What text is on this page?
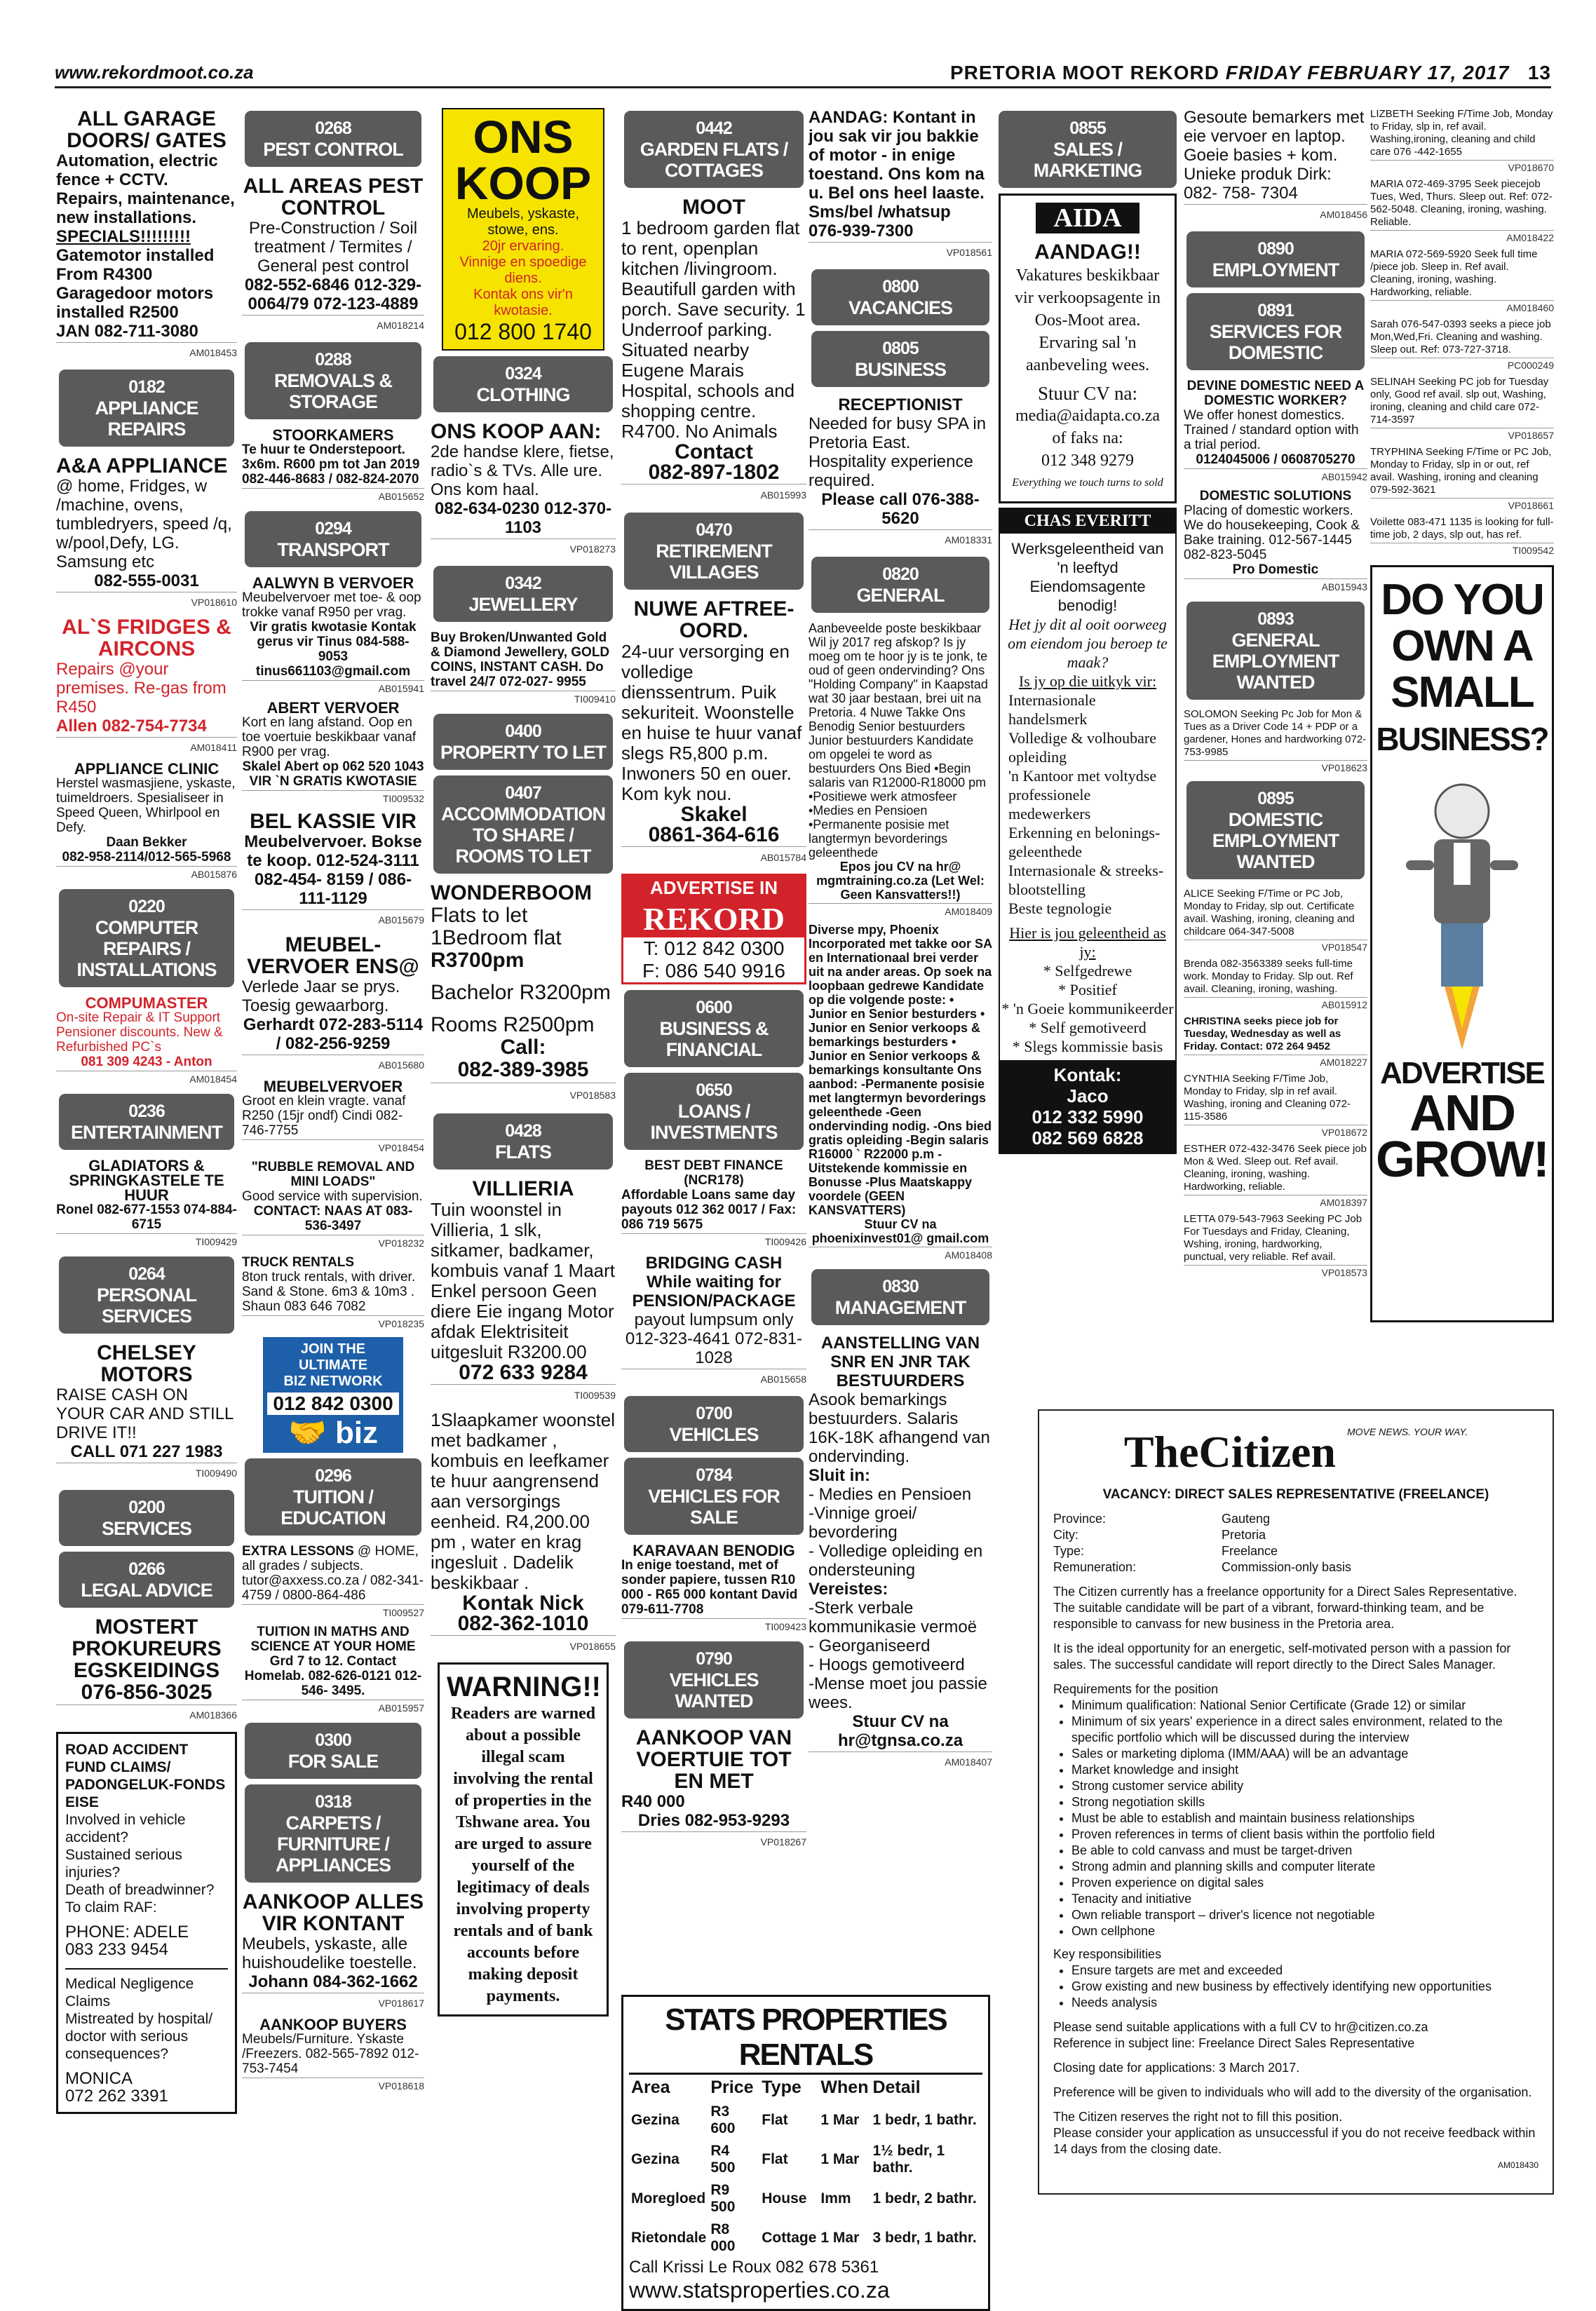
www.rekordmoot.co.za	PRETORIA MOOT REKORD FRIDAY FEBRUARY 17, 2017 13
ALL GARAGE DOORS/ GATES
Automation, electric fence + CCTV. Repairs, maintenance, new installations.
SPECIALS!!!!!!!!!
Gatemotor installed From R4300
Garagedoor motors installed R2500
JAN 082-711-3080
AM018453
0182
APPLIANCE REPAIRS
A&A APPLIANCE
@ home, Fridges, w /machine, ovens, tumbledryers, speed /q, w/pool,Defy, LG. Samsung etc
082-555-0031
VP018610
AL`S FRIDGES & AIRCONS
Repairs @your premises. Re-gas from R450
Allen 082-754-7734
AM018411
APPLIANCE CLINIC
Herstel wasmasjiene, yskaste, tuimeldroers. Spesialiseer in Speed Queen, Whirlpool en Defy.
Daan Bekker
082-958-2114/012-565-5968
AB015876
0220
COMPUTER REPAIRS / INSTALLATIONS
COMPUMASTER
On-site Repair & IT Support Pensioner discounts. New & Refurbished PC`s
081 309 4243 - Anton
AM018454
0236
ENTERTAINMENT
GLADIATORS & SPRINGKASTELE TE HUUR
Ronel 082-677-1553 074-884-6715
TI009429
0264
PERSONAL SERVICES
CHELSEY MOTORS
RAISE CASH ON YOUR CAR AND STILL DRIVE IT!!
CALL 071 227 1983
TI009490
0200
SERVICES
0266
LEGAL ADVICE
MOSTERT PROKUREURS EGSKEIDINGS
076-856-3025
AM018366
ROAD ACCIDENT FUND CLAIMS/ PADONGELUK-FONDS EISE
Involved in vehicle accident?
Sustained serious injuries?
Death of breadwinner?
To claim RAF:
PHONE: ADELE
083 233 9454
Medical Negligence Claims
Mistreated by hospital/ doctor with serious consequences?
MONICA
072 262 3391
0268
PEST CONTROL
ALL AREAS PEST CONTROL
Pre-Construction / Soil treatment / Termites / General pest control
082-552-6846 012-329-0064/79 072-123-4889
AM018214
0288
REMOVALS & STORAGE
STOORKAMERS
Te huur te Onderstepoort. 3x6m. R600 pm tot Jan 2019 082-446-8683 / 082-824-2070
AB015652
0294
TRANSPORT
AALWYN B VERVOER
Meubelvervoer met toe- & oop trokke vanaf R950 per vrag.
Vir gratis kwotasie Kontak gerus vir Tinus 084-588- 9053 tinus661103@gmail.com
AB015941
ABERT VERVOER
Kort en lang afstand. Oop en toe voertuie beskikbaar vanaf R900 per vrag.
Skalel Abert op 062 520 1043 VIR `N GRATIS KWOTASIE
TI009532
BEL KASSIE VIR
Meubelvervoer. Bokse te koop. 012-524-3111 082-454- 8159 / 086-111-1129
AB015679
MEUBEL-VERVOER ENS@
Verlede Jaar se prys. Toesig gewaarborg.
Gerhardt 072-283-5114 / 082-256-9259
AB015680
MEUBELVERVOER
Groot en klein vragte. vanaf R250 (15jr ondf) Cindi 082-746-7755
VP018454
"RUBBLE REMOVAL AND MINI LOADS"
Good service with supervision.
CONTACT: NAAS AT 083-536-3497
VP018232
TRUCK RENTALS
8ton truck rentals, with driver. Sand & Stone. 6m3 & 10m3 . Shaun 083 646 7082
VP018235
JOIN THE ULTIMATE
BIZ NETWORK
012 842 0300
🤝 biz
0296
TUITION / EDUCATION
EXTRA LESSONS @ HOME, all grades / subjects. tutor@axxess.co.za / 082-341-4759 / 0800-864-486
TI009527
TUITION IN MATHS AND SCIENCE AT YOUR HOME
Grd 7 to 12. Contact Homelab. 082-626-0121 012- 546- 3495.
AB015957
0300
FOR SALE
0318
CARPETS / FURNITURE / APPLIANCES
AANKOOP ALLES VIR KONTANT
Meubels, yskaste, alle huishoudelike toestelle.
Johann 084-362-1662
VP018617
AANKOOP BUYERS
Meubels/Furniture. Yskaste /Freezers. 082-565-7892 012- 753-7454
VP018618
ONS
KOOP
Meubels, yskaste, stowe, ens.
20jr ervaring.
Vinnige en spoedige diens.
Kontak ons vir'n kwotasie.
012 800 1740
0324
CLOTHING
ONS KOOP AAN:
2de handse klere, fietse, radio`s & TVs. Alle ure. Ons kom haal.
082-634-0230 012-370-1103
VP018273
0342
JEWELLERY
Buy Broken/Unwanted Gold & Diamond Jewellery, GOLD COINS, INSTANT CASH. Do travel 24/7 072-027- 9955
TI009410
0400
PROPERTY TO LET
0407
ACCOMMODATION TO SHARE / ROOMS TO LET
WONDERBOOM
Flats to let
1Bedroom flat
R3700pm
Bachelor R3200pm
Rooms R2500pm
Call:
082-389-3985
VP018583
0428
FLATS
VILLIERIA
Tuin woonstel in Villieria, 1 slk, sitkamer, badkamer, kombuis vanaf 1 Maart Enkel persoon Geen diere Eie ingang Motor afdak Elektrisiteit uitgesluit R3200.00
072 633 9284
TI009539
1Slaapkamer woonstel met badkamer , kombuis en leefkamer te huur aangrensend aan versorgings eenheid. R4,200.00 pm , water en krag ingesluit . Dadelik beskikbaar .
Kontak Nick
082-362-1010
VP018655
WARNING!!
Readers are warned about a possible illegal scam involving the rental of properties in the Tshwane area. You are urged to assure yourself of the legitimacy of deals involving property rentals and of bank accounts before making deposit payments.
0442
GARDEN FLATS / COTTAGES
MOOT
1 bedroom garden flat to rent, openplan kitchen /livingroom. Beautifull garden with porch. Save security. 1 Underroof parking. Situated nearby Eugene Marais Hospital, schools and shopping centre. R4700. No Animals
Contact
082-897-1802
AB015993
0470
RETIREMENT VILLAGES
NUWE AFTREE-OORD.
24-uur versorging en volledige dienssentrum. Puik sekuriteit. Woonstelle en huise te huur vanaf slegs R5,800 p.m. Inwoners 50 en ouer. Kom kyk nou.
Skakel
0861-364-616
AB015784
ADVERTISE IN
REKORD
T: 012 842 0300
F: 086 540 9916
0600
BUSINESS & FINANCIAL
0650
LOANS / INVESTMENTS
BEST DEBT FINANCE (NCR178)
Affordable Loans same day payouts 012 362 0017 / Fax: 086 719 5675
TI009426
BRIDGING CASH While waiting for PENSION/PACKAGE
payout lumpsum only
012-323-4641 072-831-1028
AB015658
0700
VEHICLES
0784
VEHICLES FOR SALE
KARAVAAN BENODIG
In enige toestand, met of sonder papiere, tussen R10 000 - R65 000 kontant David 079-611-7708
TI009423
0790
VEHICLES WANTED
AANKOOP VAN VOERTUIE TOT EN MET
R40 000
Dries 082-953-9293
VP018267
AANDAG: Kontant in jou sak vir jou bakkie of motor - in enige toestand. Ons kom na u. Bel ons heel laaste. Sms/bel /whatsup
076-939-7300
VP018561
0800
VACANCIES
0805
BUSINESS
RECEPTIONIST
Needed for busy SPA in Pretoria East. Hospitality experience required.
Please call 076-388-5620
AM018331
0820
GENERAL
Aanbeveelde poste beskikbaar Wil jy 2017 reg afskop? Is jy moeg om te hoor jy is te jonk, te oud of geen ondervinding? Ons "Holding Company" in Kaapstad wat 30 jaar bestaan, brei uit na Pretoria. 4 Nuwe Takke Ons Benodig Senior bestuurders Junior bestuurders Kandidate om opgelei te word as bestuurders Ons Bied •Begin salaris van R12000-R18000 pm •Positiewe werk atmosfeer •Medies en Pensioen •Permanente posisie met langtermyn bevorderings geleenthede
Epos jou CV na hr@ mgmtraining.co.za (Let Wel: Geen Kansvatters!!)
AM018409
Diverse mpy, Phoenix Incorporated met takke oor SA en Internationaal brei verder uit na ander areas. Op soek na loopbaan gedrewe Kandidate op die volgende poste: • Junior en Senior besturders • Junior en Senior verkoops & bemarkings besturders • Junior en Senior verkoops & bemarkings konsultante Ons aanbod: -Permanente posisie met langtermyn bevorderings geleenthede -Geen ondervinding nodig. -Ons bied gratis opleiding -Begin salaris R16000 ` R22000 p.m -Uitstekende kommissie en Bonusse -Plus Maatskappy voordele (GEEN KANSVATTERS)
Stuur CV na phoenixinvest01@ gmail.com
AM018408
0830
MANAGEMENT
AANSTELLING VAN SNR EN JNR TAK BESTUURDERS
Asook bemarkings bestuurders. Salaris 16K-18K afhangend van ondervinding.
Sluit in:
- Medies en Pensioen
-Vinnige groei/ bevordering
- Volledige opleiding en ondersteuning
Vereistes:
-Sterk verbale kommunikasie vermoë
- Georganiseerd
- Hoogs gemotiveerd
-Mense moet jou passie wees.
Stuur CV na hr@tgnsa.co.za
AM018407
0855
SALES / MARKETING
AIDA
AANDAG!!
Vakatures beskikbaar vir verkoopsagente in Oos-Moot area. Ervaring sal 'n aanbeveling wees.
Stuur CV na:
media@aidapta.co.za
of faks na:
012 348 9279
Everything we touch turns to sold
CHAS EVERITT
Werksgeleentheid van 'n leeftyd Eiendomsagente benodig!
Het jy dit al ooit oorweeg om eiendom jou beroep te maak?
Is jy op die uitkyk vir:
Internasionale handelsmerk
Volledige & volhoubare opleiding
'n Kantoor met voltydse professionele medewerkers
Erkenning en belonings-geleenthede
Internasionale & streeks-blootstelling
Beste tegnologie
Hier is jou geleentheid as jy:
* Selfgedrewe
* Positief
* 'n Goeie kommunikeerder
* Self gemotiveerd
* Slegs kommissie basis
Kontak:
Jaco
012 332 5990
082 569 6828
Gesoute bemarkers met eie vervoer en laptop. Goeie basies + kom. Unieke produk Dirk: 082- 758- 7304
AM018456
0890
EMPLOYMENT
0891
SERVICES FOR DOMESTIC
DEVINE DOMESTIC NEED A DOMESTIC WORKER?
We offer honest domestics. Trained / standard option with a trial period.
0124045006 / 0608705270
AB015942
DOMESTIC SOLUTIONS
Placing of domestic workers. We do housekeeping, Cook & Bake training. 012-567-1445 082-823-5045
Pro Domestic
AB015943
0893
GENERAL EMPLOYMENT WANTED
SOLOMON Seeking Pc Job for Mon & Tues as a Driver Code 14 + PDP or a gardener, Hones and hardworking 072-753-9985
VP018623
0895
DOMESTIC EMPLOYMENT WANTED
ALICE Seeking F/Time or PC Job, Monday to Friday, slp out. Certificate avail. Washing, ironing, cleaning and childcare 064-347-5008
VP018547
Brenda 082-3563389 seeks full-time work. Monday to Friday. Slp out. Ref avail. Cleaning, ironing, washing.
AB015912
CHRISTINA seeks piece job for Tuesday, Wednesday as well as Friday. Contact: 072 264 9452
AM018227
CYNTHIA Seeking F/Time Job, Monday to Friday, slp in ref avail. Washing, ironing and Cleaning 072-115-3586
VP018672
ESTHER 072-432-3476 Seek piece job Mon & Wed. Sleep out. Ref avail. Cleaning, ironing, washing. Hardworking, reliable.
AM018397
LETTA 079-543-7963 Seeking PC Job For Tuesdays and Friday, Cleaning, Wshing, ironing, hardworking, punctual, very reliable. Ref avail.
VP018573
LIZBETH Seeking F/Time Job, Monday to Friday, slp in, ref avail. Washing,ironing, cleaning and child care 076 -442-1655
VP018670
MARIA 072-469-3795 Seek piecejob Tues, Wed, Thurs. Sleep out. Ref: 072-562-5048. Cleaning, ironing, washing. Reliable.
AM018422
MARIA 072-569-5920 Seek full time /piece job. Sleep in. Ref avail. Cleaning, ironing, washing. Hardworking, reliable.
AM018460
Sarah 076-547-0393 seeks a piece job Mon,Wed,Fri. Cleaning and washing. Sleep out. Ref: 073-727-3718.
PC000249
SELINAH Seeking PC job for Tuesday only, Good ref avail. slp out, Washing, ironing, cleaning and child care 072-714-3597
VP018657
TRYPHINA Seeking F/Time or PC Job, Monday to Friday, slp in or out, ref avail. Washing, ironing and cleaning 079-592-3621
VP018661
Voilette 083-471 1135 is looking for full-time job, 2 days, slp out, has ref.
TI009542
DO YOU
OWN A
SMALL
BUSINESS?
ADVERTISE
AND
GROW!
STATS PROPERTIES RENTALS
Area	Price	Type	When	Detail
Gezina	R3 600	Flat	1 Mar	1 bedr, 1 bathr.
Gezina	R4 500	Flat	1 Mar	1½ bedr, 1 bathr.
Moregloed	R9 500	House	Imm	1 bedr, 2 bathr.
Rietondale	R8 000	Cottage	1 Mar	3 bedr, 1 bathr.
Call Krissi Le Roux 082 678 5361
www.statsproperties.co.za
TheCitizen $^{MOVE NEWS. YOUR WAY.}$
VACANCY: DIRECT SALES REPRESENTATIVE (FREELANCE)
Province:	Gauteng
City:	Pretoria
Type:	Freelance
Remuneration:	Commission-only basis

The Citizen currently has a freelance opportunity for a Direct Sales Representative. The suitable candidate will be part of a vibrant, forward-thinking team, and be responsible to canvass for new business in the Pretoria area.

It is the ideal opportunity for an energetic, self-motivated person with a passion for sales. The successful candidate will report directly to the Direct Sales Manager.

Requirements for the position
• Minimum qualification: National Senior Certificate (Grade 12) or similar
• Minimum of six years' experience in a direct sales environment, related to the specific portfolio which will be discussed during the interview
• Sales or marketing diploma (IMM/AAA) will be an advantage
• Market knowledge and insight
• Strong customer service ability
• Strong negotiation skills
• Must be able to establish and maintain business relationships
• Proven references in terms of client basis within the portfolio field
• Be able to cold canvass and must be target-driven
• Strong admin and planning skills and computer literate
• Proven experience on digital sales
• Tenacity and initiative
• Own reliable transport – driver's licence not negotiable
• Own cellphone
Key responsibilities
• Ensure targets are met and exceeded
• Grow existing and new business by effectively identifying new opportunities
• Needs analysis

Please send suitable applications with a full CV to hr@citizen.co.za

Reference in subject line: Freelance Direct Sales Representative

Closing date for applications: 3 March 2017.

Preference will be given to individuals who will add to the diversity of the organisation.

The Citizen reserves the right not to fill this position.

Please consider your application as unsuccessful if you do not receive feedback within 14 days from the closing date.
AM018430
